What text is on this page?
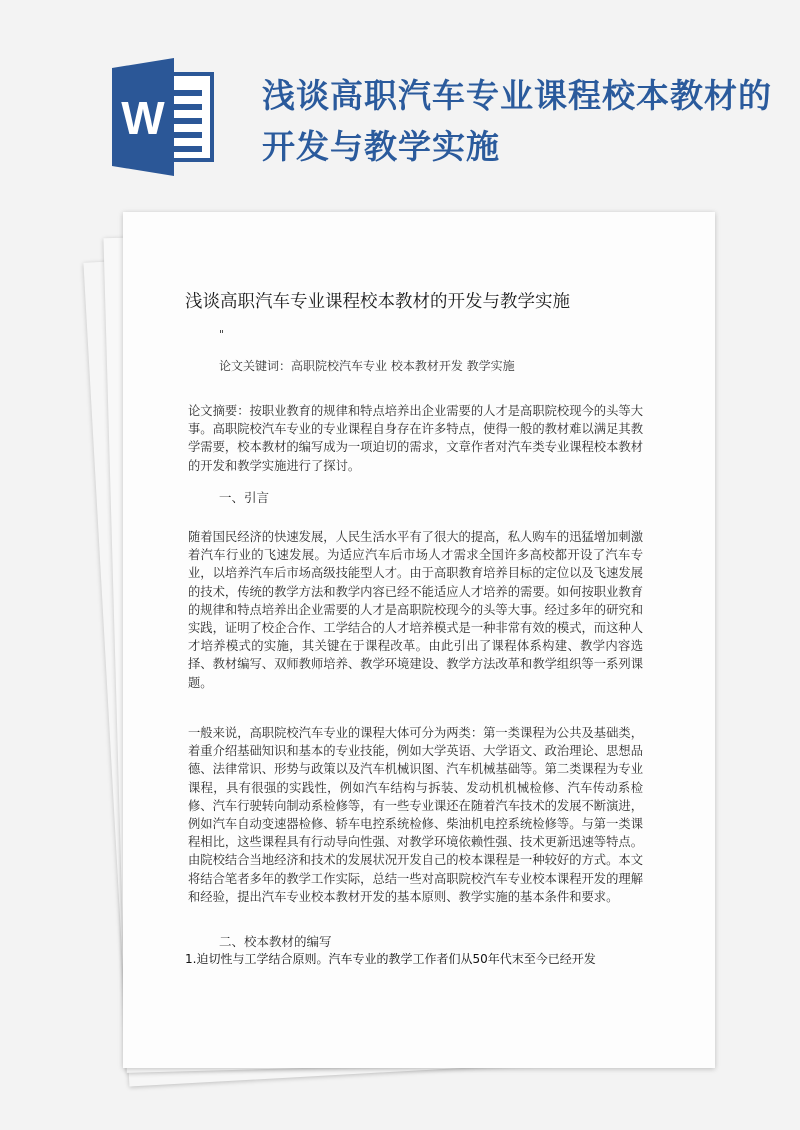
W	浅谈高职汽车专业课程校本教材的开发与教学实施
浅谈高职汽车专业课程校本教材的开发与教学实施
"
论文关键词：高职院校汽车专业 校本教材开发 教学实施

论文摘要：按职业教育的规律和特点培养出企业需要的人才是高职院校现今的头等大事。高职院校汽车专业的专业课程自身存在许多特点，使得一般的教材难以满足其教学需要，校本教材的编写成为一项迫切的需求，文章作者对汽车类专业课程校本教材的开发和教学实施进行了探讨。

一、引言

随着国民经济的快速发展，人民生活水平有了很大的提高，私人购车的迅猛增加刺激着汽车行业的飞速发展。为适应汽车后市场人才需求全国许多高校都开设了汽车专业，以培养汽车后市场高级技能型人才。由于高职教育培养目标的定位以及飞速发展的技术，传统的教学方法和教学内容已经不能适应人才培养的需要。如何按职业教育的规律和特点培养出企业需要的人才是高职院校现今的头等大事。经过多年的研究和实践，证明了校企合作、工学结合的人才培养模式是一种非常有效的模式，而这种人才培养模式的实施，其关键在于课程改革。由此引出了课程体系构建、教学内容选择、教材编写、双师教师培养、教学环境建设、教学方法改革和教学组织等一系列课题。

一般来说，高职院校汽车专业的课程大体可分为两类：第一类课程为公共及基础类，着重介绍基础知识和基本的专业技能，例如大学英语、大学语文、政治理论、思想品德、法律常识、形势与政策以及汽车机械识图、汽车机械基础等。第二类课程为专业课程，具有很强的实践性，例如汽车结构与拆装、发动机机械检修、汽车传动系检修、汽车行驶转向制动系检修等，有一些专业课还在随着汽车技术的发展不断演进，例如汽车自动变速器检修、轿车电控系统检修、柴油机电控系统检修等。与第一类课程相比，这些课程具有行动导向性强、对教学环境依赖性强、技术更新迅速等特点。由院校结合当地经济和技术的发展状况开发自己的校本课程是一种较好的方式。本文将结合笔者多年的教学工作实际，总结一些对高职院校汽车专业校本课程开发的理解和经验，提出汽车专业校本教材开发的基本原则、教学实施的基本条件和要求。

二、校本教材的编写
1.迫切性与工学结合原则。汽车专业的教学工作者们从50年代末至今已经开发
